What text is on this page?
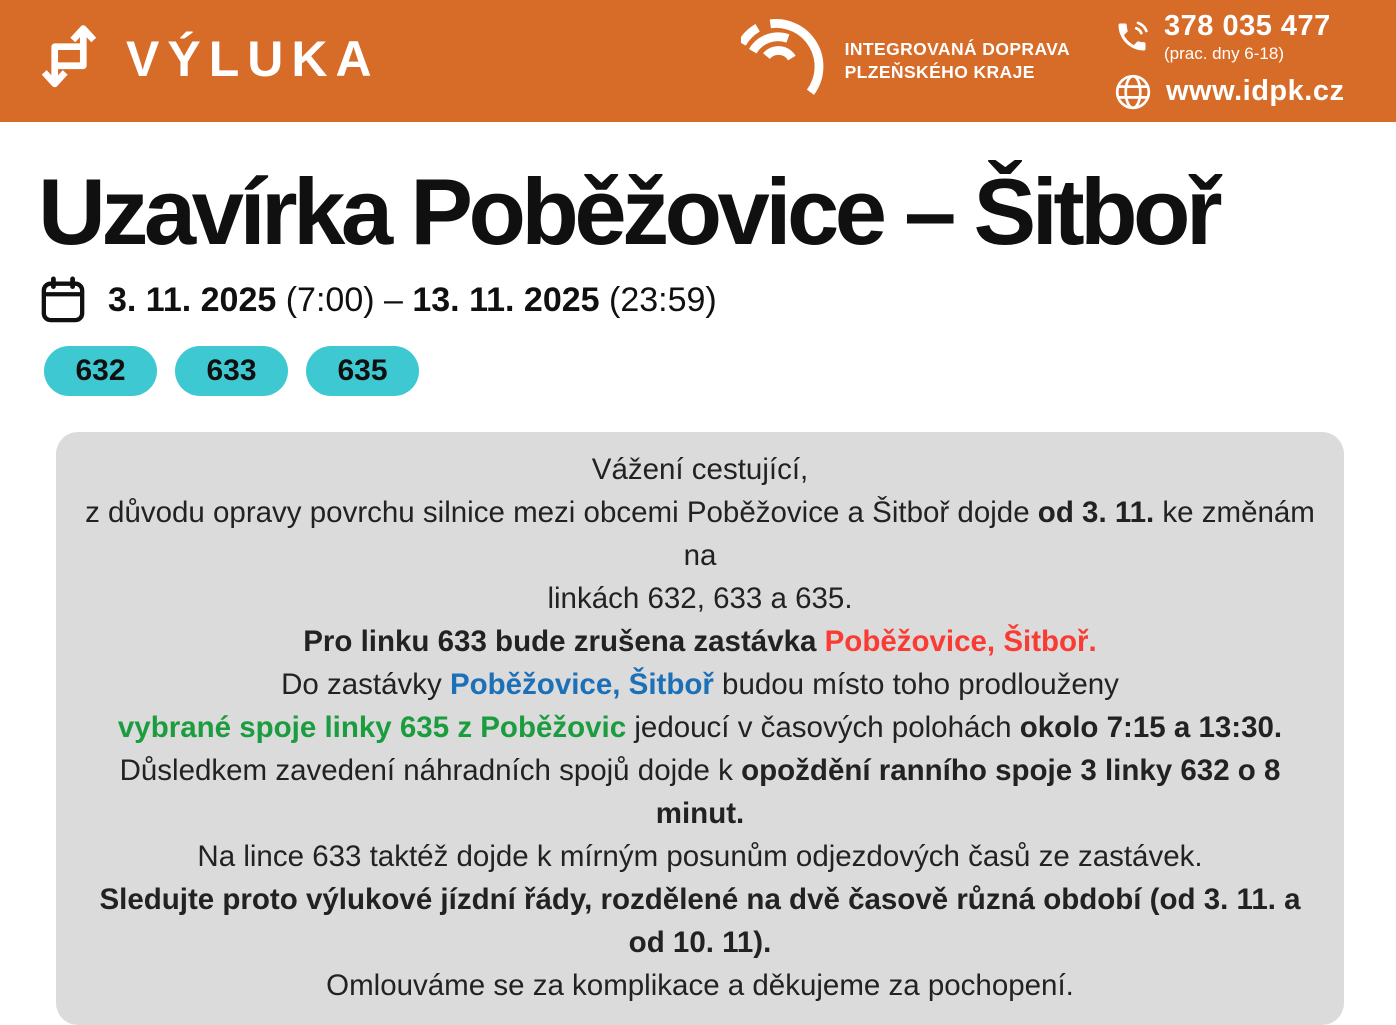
VÝLUKA	INTEGROVANÁ DOPRAVA
PLZEŇSKÉHO KRAJE
378 035 477
(prac. dny 6-18)
www.idpk.cz
Uzavírka Poběžovice – Šitboř
3. 11. 2025 (7:00) – 13. 11. 2025 (23:59)
632	633	635
Vážení cestující,
z důvodu opravy povrchu silnice mezi obcemi Poběžovice a Šitboř dojde od 3. 11. ke změnám na
linkách 632, 633 a 635.
Pro linku 633 bude zrušena zastávka Poběžovice, Šitboř.
Do zastávky Poběžovice, Šitboř budou místo toho prodlouženy
vybrané spoje linky 635 z Poběžovic jedoucí v časových polohách okolo 7:15 a 13:30.
Důsledkem zavedení náhradních spojů dojde k opoždění ranního spoje 3 linky 632 o 8 minut.
Na lince 633 taktéž dojde k mírným posunům odjezdových časů ze zastávek.
Sledujte proto výlukové jízdní řády, rozdělené na dvě časově různá období (od 3. 11. a od 10. 11).
Omlouváme se za komplikace a děkujeme za pochopení.
